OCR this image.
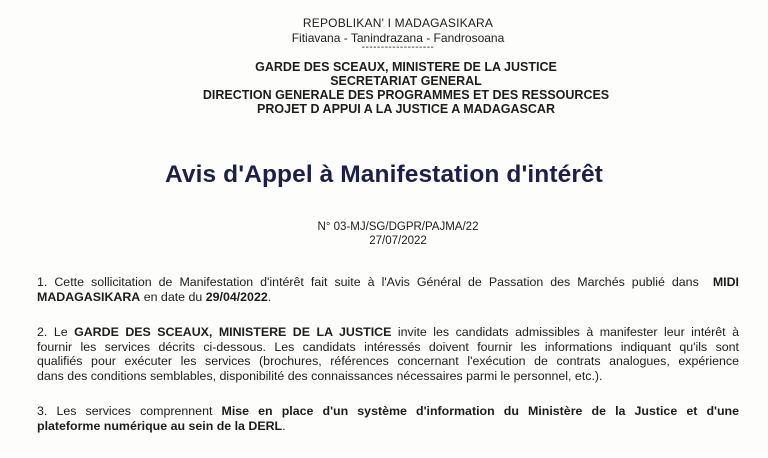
REPOBLIKAN' I MADAGASIKARA
Fitiavana - Tanindrazana - Fandrosoana
-------------------
GARDE DES SCEAUX, MINISTERE DE LA JUSTICE
SECRETARIAT GENERAL
DIRECTION GENERALE DES PROGRAMMES ET DES RESSOURCES
PROJET D APPUI A LA JUSTICE A MADAGASCAR
Avis d'Appel à Manifestation d'intérêt
N° 03-MJ/SG/DGPR/PAJMA/22
27/07/2022
1. Cette sollicitation de Manifestation d'intérêt fait suite à l'Avis Général de Passation des Marchés publié dans MIDI
MADAGASIKARA en date du 29/04/2022.
2. Le GARDE DES SCEAUX, MINISTERE DE LA JUSTICE invite les candidats admissibles à manifester leur intérêt à
fournir les services décrits ci-dessous. Les candidats intéressés doivent fournir les informations indiquant qu'ils sont
qualifiés pour exécuter les services (brochures, références concernant l'exécution de contrats analogues, expérience
dans des conditions semblables, disponibilité des connaissances nécessaires parmi le personnel, etc.).
3. Les services comprennent Mise en place d'un système d'information du Ministère de la Justice et d'une
plateforme numérique au sein de la DERL.
